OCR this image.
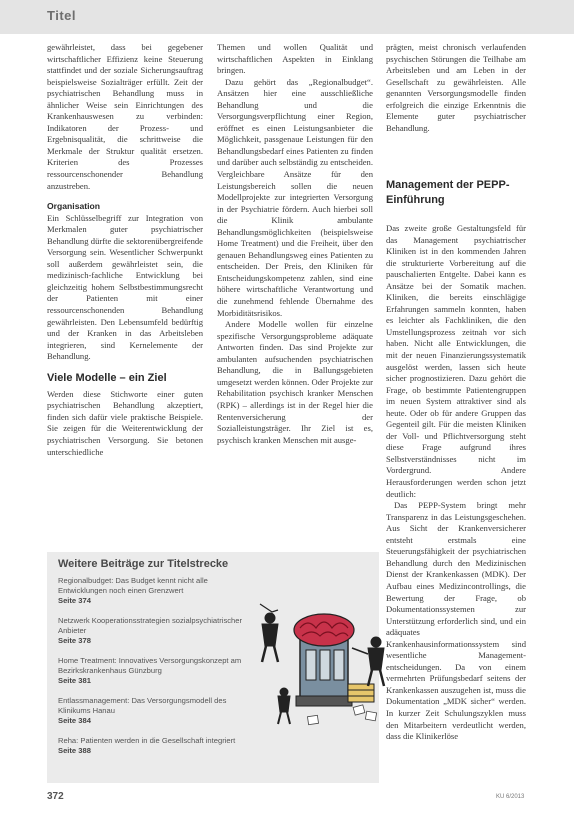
Titel

gewährleistet, dass bei gegebener wirtschaftlicher Effizienz keine Steuerung stattfindet und der soziale Sicherungsauftrag beispielsweise Sozialträger erfüllt. Zeit der psychiatrischen Behandlung muss in ähnlicher Weise sein Einrichtungen des Krankenhauswesen zu verbinden: Indikatoren der Prozess- und Ergebnisqualität, die schrittweise die Merkmale der Struktur qualität ersetzen. Kriterien des Prozesses ressourcenschonender Behandlung anzustreben.

Organisation

Ein Schlüsselbegriff zur Integration von Merkmalen guter psychiatrischer Behandlung dürfte die sektorenübergreifende Versorgung sein. Wesentlicher Schwerpunkt soll außerdem gewährleistet sein, die medizinisch-fachliche Entwicklung bei gleichzeitig hohem Selbstbestimmungsrecht der Patienten mit einer ressourcenschonenden Behandlung gewährleisten. Den Lebensumfeld bedürftig und der Kranken in das Arbeitsleben integrieren, sind Kernelemente der Behandlung.

Viele Modelle – ein Ziel

Werden diese Stichworte einer guten psychiatrischen Behandlung akzeptiert, finden sich dafür viele praktische Beispiele. Sie zeigen für die Weiterentwicklung der psychiatrischen Versorgung. Sie betonen unterschiedliche

Themen und wollen Qualität und wirtschaftlichen Aspekten in Einklang bringen.

Dazu gehört das „Regionalbudget“. Ansätzen hier eine ausschließliche Behandlung und die Versorgungsverpflichtung einer Region, eröffnet es einen Leistungsanbieter die Möglichkeit, passgenaue Leistungen für den Behandlungsbedarf eines Patienten zu finden und darüber auch selbständig zu entscheiden. Vergleichbare Ansätze für den Leistungsbereich sollen die neuen Modellprojekte zur integrierten Versorgung in der Psychiatrie fördern. Auch hierbei soll die Klinik ambulante Behandlungsmöglichkeiten (beispielsweise Home Treatment) und die Freiheit, über den genauen Behandlungsweg eines Patienten zu entscheiden. Der Preis, den Kliniken für Entscheidungskompetenz zahlen, sind eine höhere wirtschaftliche Verantwortung und die zunehmend fehlende Übernahme des Morbiditätsrisikos.

Andere Modelle wollen für einzelne spezifische Versorgungsprobleme adäquate Antworten finden. Das sind Projekte zur ambulanten aufsuchenden psychiatrischen Behandlung, die in Ballungsgebieten umgesetzt werden können. Oder Projekte zur Rehabilitation psychisch kranker Menschen (RPK) – allerdings ist in der Regel hier die Rentenversicherung der Sozialleistungsträger. Ihr Ziel ist es, psychisch kranken Menschen mit ausge-

prägten, meist chronisch verlaufenden psychischen Störungen die Teilhabe am Arbeitsleben und am Leben in der Gesellschaft zu gewährleisten. Alle genannten Versorgungsmodelle finden erfolgreich die einzige Erkenntnis die Elemente guter psychiatrischer Behandlung.

Management der PEPP-Einführung

Das zweite große Gestaltungsfeld für das Management psychiatrischer Kliniken ist in den kommenden Jahren die strukturierte Vorbereitung auf die pauschalierten Entgelte. Dabei kann es Ansätze bei der Somatik machen. Kliniken, die bereits einschlägige Erfahrungen sammeln konnten, haben es leichter als Fachkliniken, die den Umstellungsprozess zeitnah vor sich haben. Nicht alle Entwicklungen, die mit der neuen Finanzierungssystematik ausgelöst werden, lassen sich heute sicher prognostizieren. Dazu gehört die Frage, ob bestimmte Patientengruppen im neuen System attraktiver sind als heute. Oder ob für andere Gruppen das Gegenteil gilt. Für die meisten Kliniken der Voll- und Pflichtversorgung steht diese Frage aufgrund ihres Selbstverständnisses nicht im Vordergrund. Andere Herausforderungen werden schon jetzt deutlich:

Das PEPP-System bringt mehr Transparenz in das Leistungsgeschehen. Aus Sicht der Krankenversicherer entsteht erstmals eine Steuerungsfähigkeit der psychiatrischen Behandlung durch den Medizinischen Dienst der Krankenkassen (MDK). Der Aufbau eines Medizincontrollings, die Bewertung der Frage, ob Dokumentationssystemen zur Unterstützung erforderlich sind, und ein adäquates Krankenhausinformationssystem sind wesentliche Management-entscheidungen. Da von einem vermehrten Prüfungsbedarf seitens der Krankenkassen auszugehen ist, muss die Dokumentation „MDK sicher“ werden. In kurzer Zeit Schulungszyklen muss den Mitarbeitern verdeutlicht werden, dass die Klinikerlöse

Weitere Beiträge zur Titelstrecke
Regionalbudget: Das Budget kennt nicht alle Entwicklungen noch einen Grenzwert
Seite 374
Netzwerk Kooperationsstrategien sozialpsychiatrischer Anbieter
Seite 378
Home Treatment: Innovatives Versorgungskonzept am Bezirkskrankenhaus Günzburg
Seite 381
Entlassmanagement: Das Versorgungsmodell des Klinikums Hanau
Seite 384
Reha: Patienten werden in die Gesellschaft integriert
Seite 388
372	KU 6/2013
